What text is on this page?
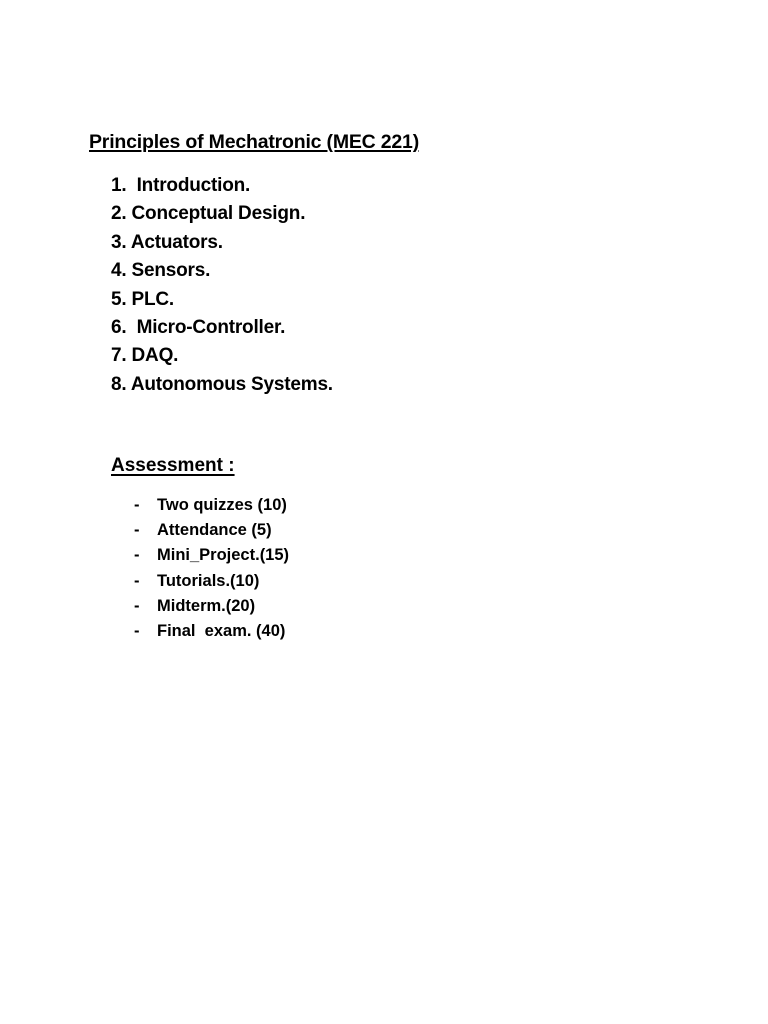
Principles of Mechatronic (MEC 221)
1.  Introduction.
2. Conceptual Design.
3. Actuators.
4. Sensors.
5. PLC.
6.  Micro-Controller.
7. DAQ.
8. Autonomous Systems.
Assessment :
-	Two quizzes (10)
-	Attendance (5)
-	Mini_Project.(15)
-	Tutorials.(10)
-	Midterm.(20)
-	Final  exam. (40)
